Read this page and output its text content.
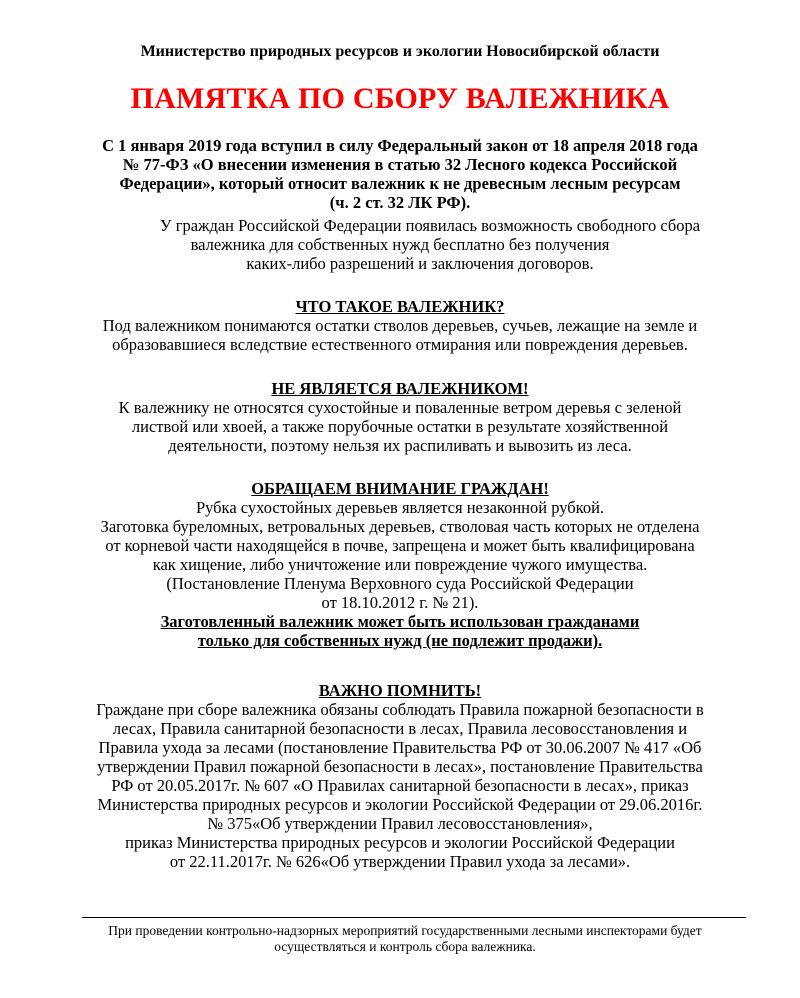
Министерство природных ресурсов и экологии Новосибирской области
ПАМЯТКА ПО СБОРУ ВАЛЕЖНИКА
С 1 января 2019 года вступил в силу Федеральный закон от 18 апреля 2018 года
№ 77-ФЗ «О внесении изменения в статью 32 Лесного кодекса Российской
Федерации», который относит валежник к не древесным лесным ресурсам
(ч. 2 ст. 32 ЛК РФ).
У граждан Российской Федерации появилась возможность свободного сбора
валежника для собственных нужд бесплатно без получения
каких-либо разрешений и заключения договоров.
ЧТО ТАКОЕ ВАЛЕЖНИК?
Под валежником понимаются остатки стволов деревьев, сучьев, лежащие на земле и
образовавшиеся вследствие естественного отмирания или повреждения деревьев.
НЕ ЯВЛЯЕТСЯ ВАЛЕЖНИКОМ!
К валежнику не относятся сухостойные и поваленные ветром деревья с зеленой
листвой или хвоей, а также порубочные остатки в результате хозяйственной
деятельности, поэтому нельзя их распиливать и вывозить из леса.
ОБРАЩАЕМ ВНИМАНИЕ ГРАЖДАН!
Рубка сухостойных деревьев является незаконной рубкой.
Заготовка буреломных, ветровальных деревьев, стволовая часть которых не отделена
от корневой части находящейся в почве, запрещена и может быть квалифицирована
как хищение, либо уничтожение или повреждение чужого имущества.
(Постановление Пленума Верховного суда Российской Федерации
от 18.10.2012 г. № 21).
Заготовленный валежник может быть использован гражданами
только для собственных нужд (не подлежит продажи).
ВАЖНО ПОМНИТЬ!
Граждане при сборе валежника обязаны соблюдать Правила пожарной безопасности в
лесах, Правила санитарной безопасности в лесах, Правила лесовосстановления и
Правила ухода за лесами (постановление Правительства РФ от 30.06.2007 № 417 «Об
утверждении Правил пожарной безопасности в лесах», постановление Правительства
РФ от 20.05.2017г. № 607 «О Правилах санитарной безопасности в лесах», приказ
Министерства природных ресурсов и экологии Российской Федерации от 29.06.2016г.
№ 375«Об утверждении Правил лесовосстановления»,
приказ Министерства природных ресурсов и экологии Российской Федерации
от 22.11.2017г. № 626«Об утверждении Правил ухода за лесами».
При проведении контрольно-надзорных мероприятий государственными лесными инспекторами будет
осуществляться и контроль сбора валежника.
